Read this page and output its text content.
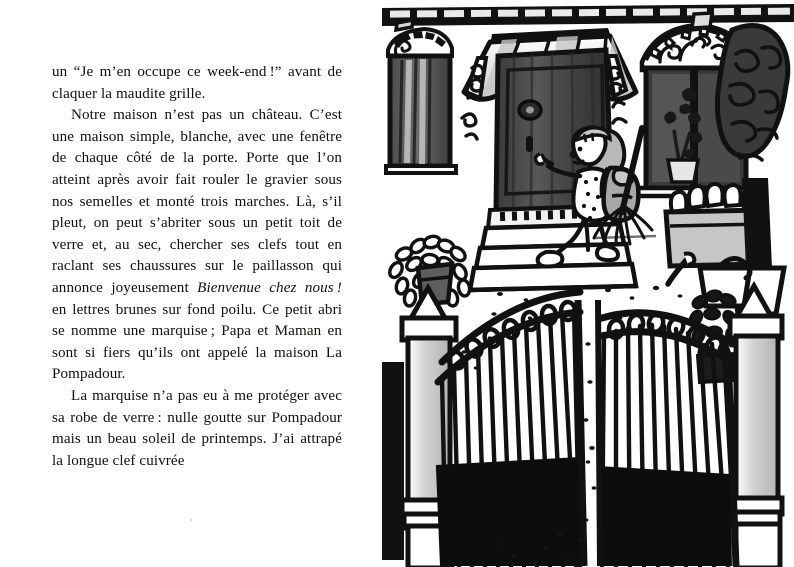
un “Je m’en occupe ce week-end !” avant de claquer la maudite grille.

Notre maison n’est pas un château. C’est une maison simple, blanche, avec une fenêtre de chaque côté de la porte. Porte que l’on atteint après avoir fait rouler le gravier sous nos semelles et monté trois marches. Là, s’il pleut, on peut s’abriter sous un petit toit de verre et, au sec, chercher ses clefs tout en raclant ses chaussures sur le paillasson qui annonce joyeusement Bienvenue chez nous ! en lettres brunes sur fond poilu. Ce petit abri se nomme une marquise ; Papa et Maman en sont si fiers qu’ils ont appelé la maison La Pompadour.

La marquise n’a pas eu à me protéger avec sa robe de verre : nulle goutte sur Pompadour mais un beau soleil de printemps. J’ai attrapé la longue clef cuivrée

•
